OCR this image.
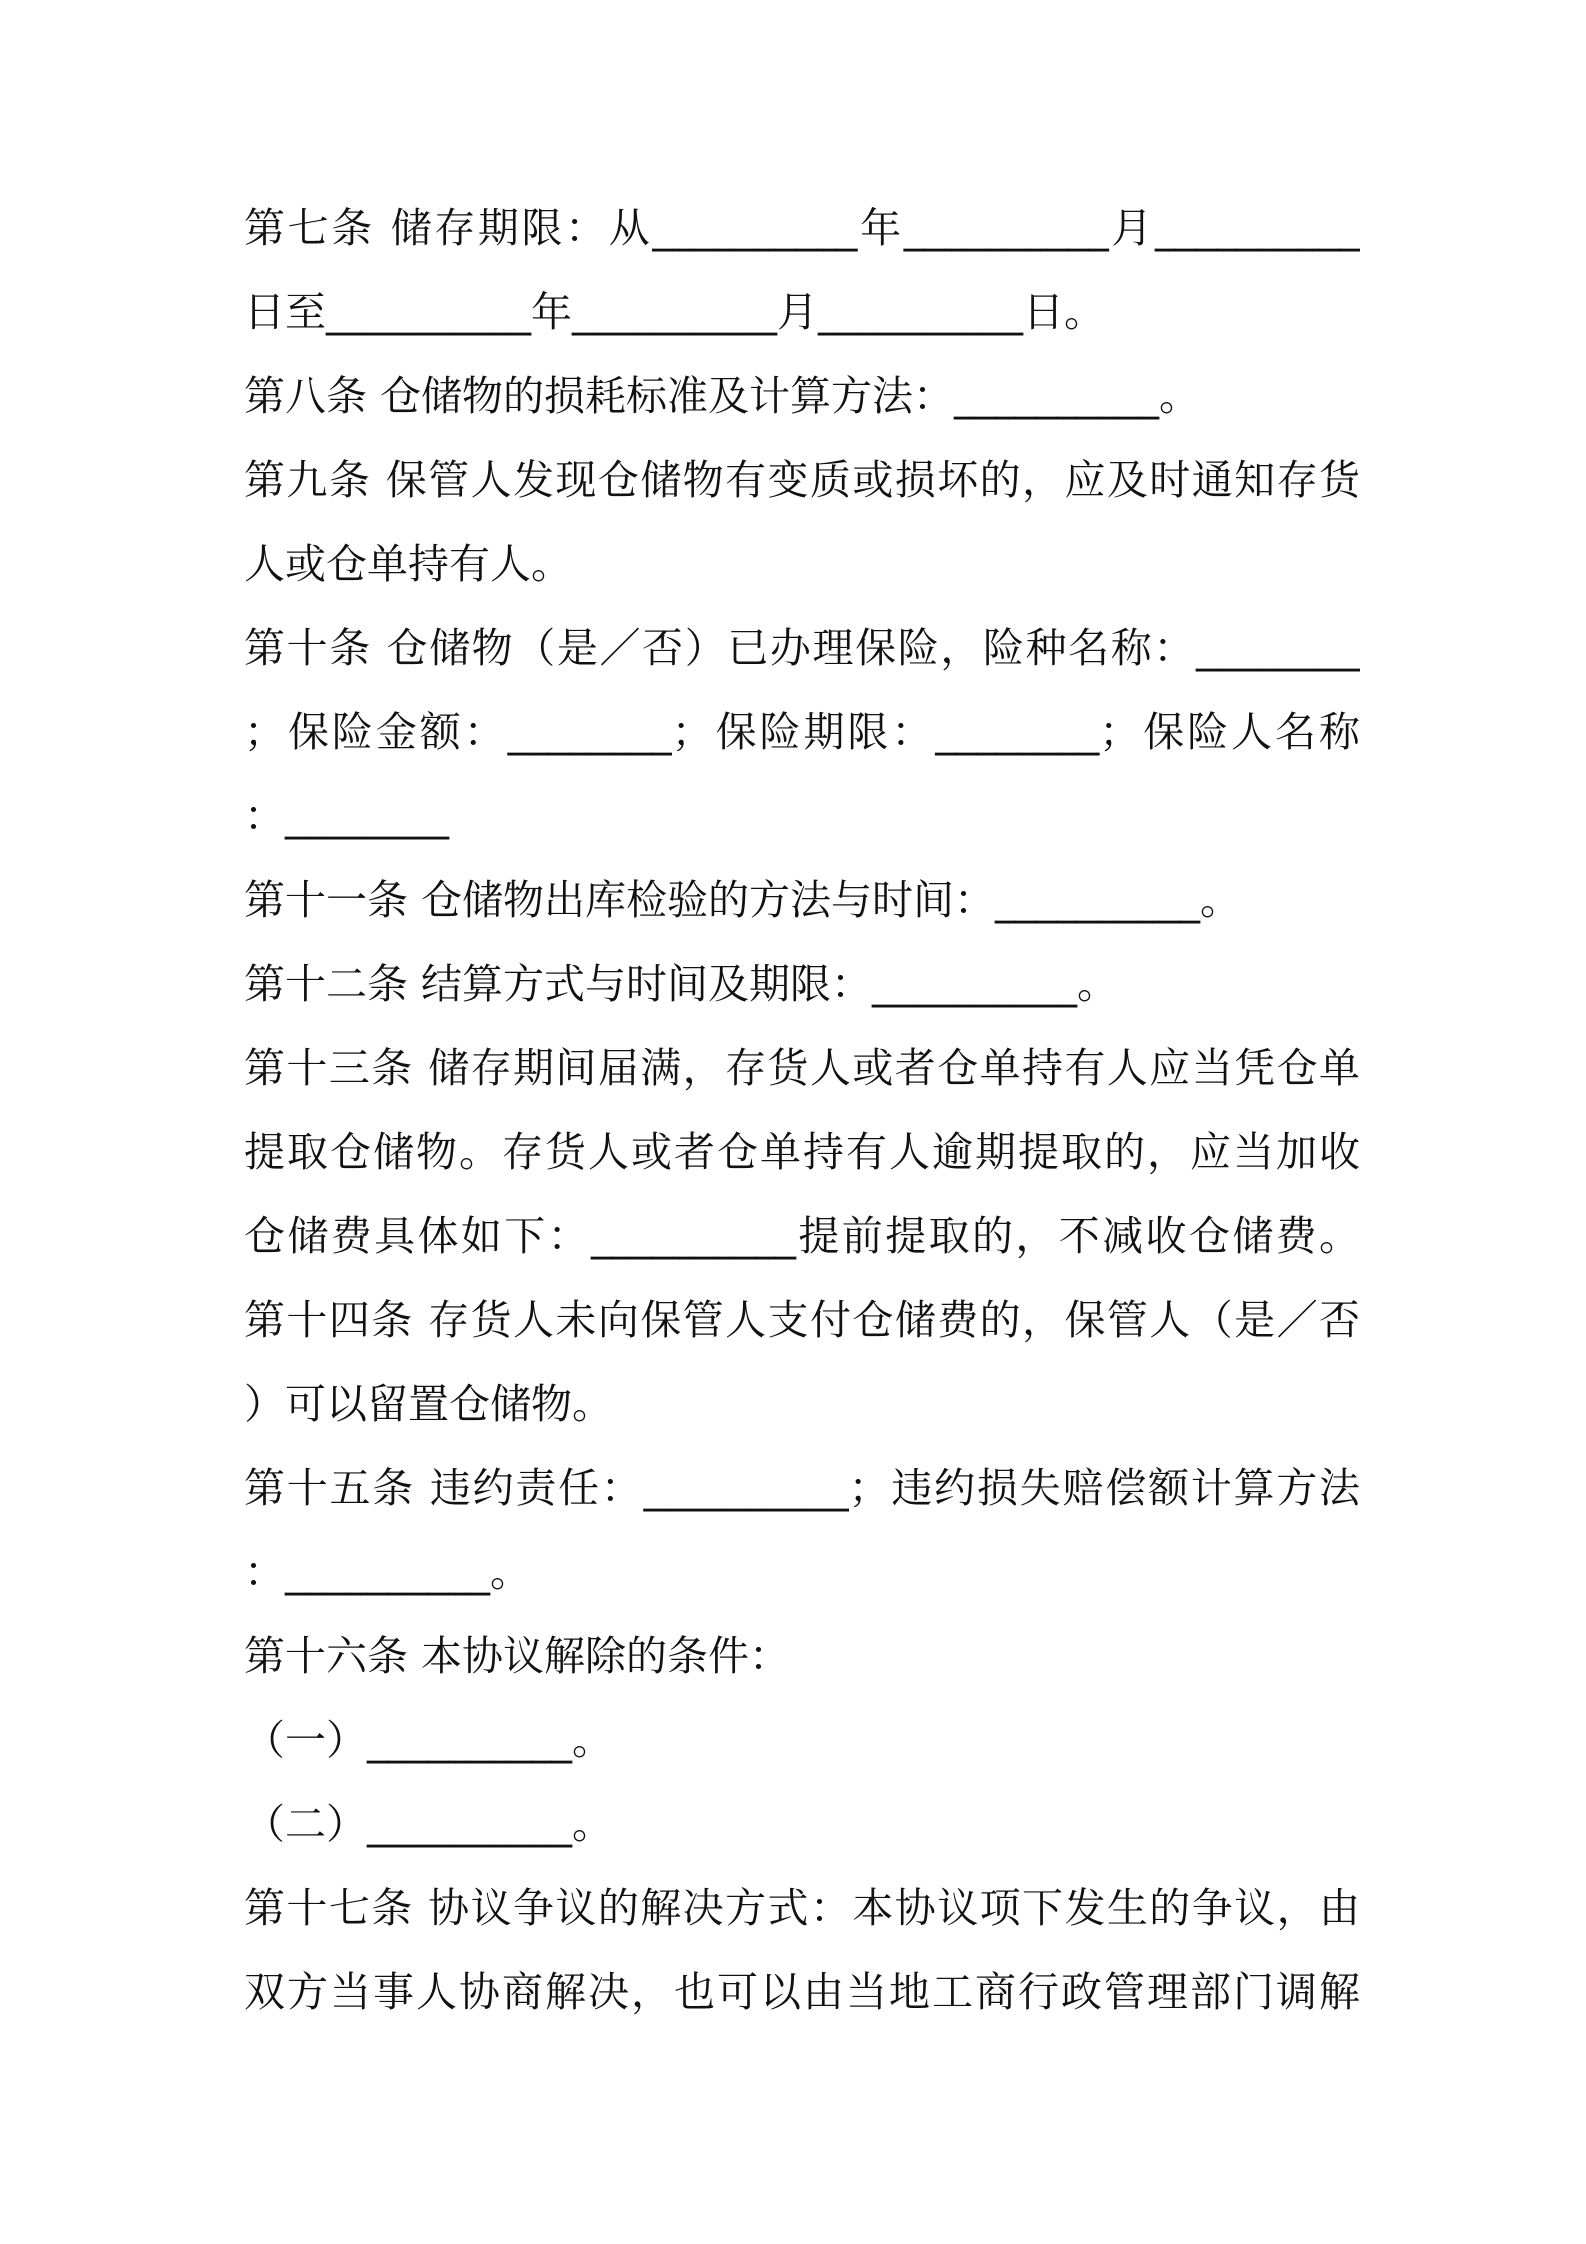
第七条 储存期限：从__________年__________月__________
日至__________年__________月__________日。
第八条 仓储物的损耗标准及计算方法：__________。
第九条 保管人发现仓储物有变质或损坏的，应及时通知存货
人或仓单持有人。
第十条 仓储物（是／否）已办理保险，险种名称：________
；保险金额：________；保险期限：________；保险人名称
：________
第十一条 仓储物出库检验的方法与时间：__________。
第十二条 结算方式与时间及期限：__________。
第十三条 储存期间届满，存货人或者仓单持有人应当凭仓单
提取仓储物。存货人或者仓单持有人逾期提取的，应当加收
仓储费具体如下：__________提前提取的，不减收仓储费。
第十四条 存货人未向保管人支付仓储费的，保管人（是／否
）可以留置仓储物。
第十五条 违约责任：__________；违约损失赔偿额计算方法
：__________。
第十六条 本协议解除的条件：
（一）__________。
（二）__________。
第十七条 协议争议的解决方式：本协议项下发生的争议，由
双方当事人协商解决，也可以由当地工商行政管理部门调解
